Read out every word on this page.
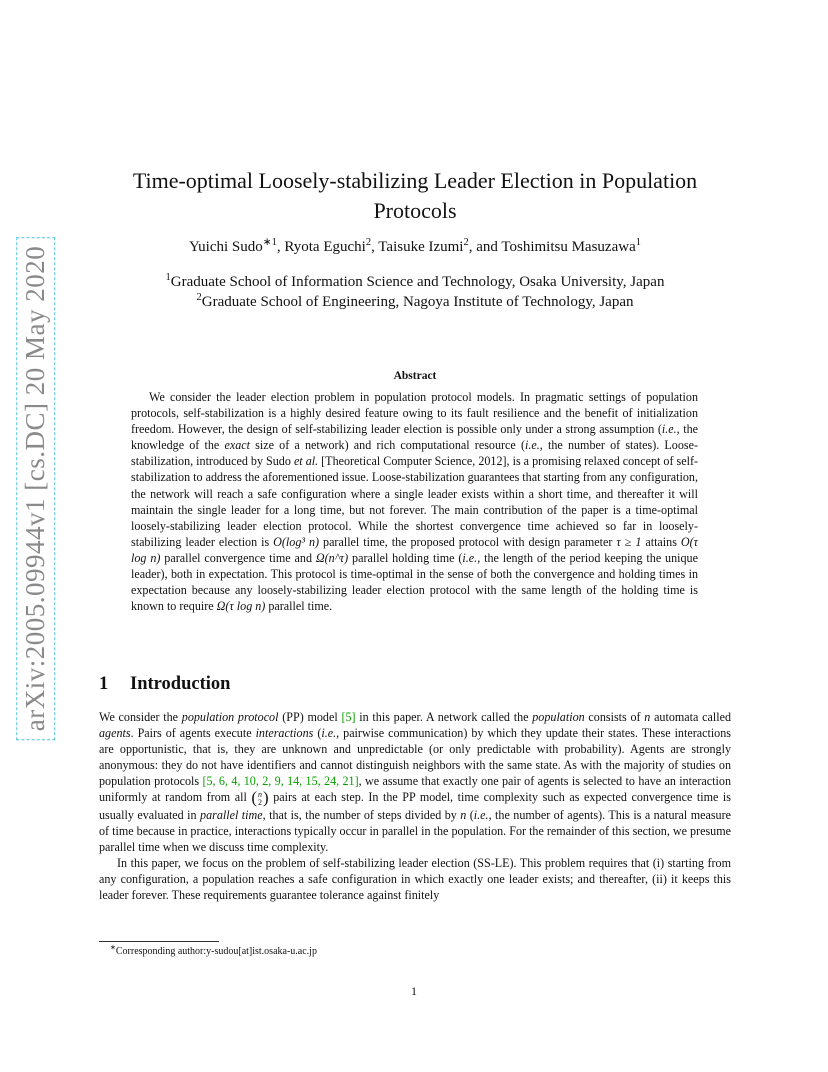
arXiv:2005.09944v1 [cs.DC] 20 May 2020
Time-optimal Loosely-stabilizing Leader Election in Population Protocols
Yuichi Sudo$^{∗1}$, Ryota Eguchi$^2$, Taisuke Izumi$^2$, and Toshimitsu Masuzawa$^1$
$^1$Graduate School of Information Science and Technology, Osaka University, Japan
$^2$Graduate School of Engineering, Nagoya Institute of Technology, Japan
Abstract

We consider the leader election problem in population protocol models. In pragmatic settings of population protocols, self-stabilization is a highly desired feature owing to its fault resilience and the benefit of initialization freedom. However, the design of self-stabilizing leader election is possible only under a strong assumption (i.e., the knowledge of the exact size of a network) and rich computational resource (i.e., the number of states). Loose-stabilization, introduced by Sudo et al. [Theoretical Computer Science, 2012], is a promising relaxed concept of self-stabilization to address the aforementioned issue. Loose-stabilization guarantees that starting from any configuration, the network will reach a safe configuration where a single leader exists within a short time, and thereafter it will maintain the single leader for a long time, but not forever. The main contribution of the paper is a time-optimal loosely-stabilizing leader election protocol. While the shortest convergence time achieved so far in loosely-stabilizing leader election is O(log³ n) parallel time, the proposed protocol with design parameter τ ≥ 1 attains O(τ log n) parallel convergence time and Ω(n^τ) parallel holding time (i.e., the length of the period keeping the unique leader), both in expectation. This protocol is time-optimal in the sense of both the convergence and holding times in expectation because any loosely-stabilizing leader election protocol with the same length of the holding time is known to require Ω(τ log n) parallel time.

1 Introduction

We consider the population protocol (PP) model [5] in this paper. A network called the population consists of n automata called agents. Pairs of agents execute interactions (i.e., pairwise communication) by which they update their states. These interactions are opportunistic, that is, they are unknown and unpredictable (or only predictable with probability). Agents are strongly anonymous: they do not have identifiers and cannot distinguish neighbors with the same state. As with the majority of studies on population protocols [5, 6, 4, 10, 2, 9, 14, 15, 24, 21], we assume that exactly one pair of agents is selected to have an interaction uniformly at random from all ( n
2 ) pairs at each step. In the PP model, time complexity such as expected convergence time is usually evaluated in parallel time, that is, the number of steps divided by n (i.e., the number of agents). This is a natural measure of time because in practice, interactions typically occur in parallel in the population. For the remainder of this section, we presume parallel time when we discuss time complexity.

In this paper, we focus on the problem of self-stabilizing leader election (SS-LE). This problem requires that (i) starting from any configuration, a population reaches a safe configuration in which exactly one leader exists; and thereafter, (ii) it keeps this leader forever. These requirements guarantee tolerance against finitely

∗Corresponding author:y-sudou[at]ist.osaka-u.ac.jp
1
